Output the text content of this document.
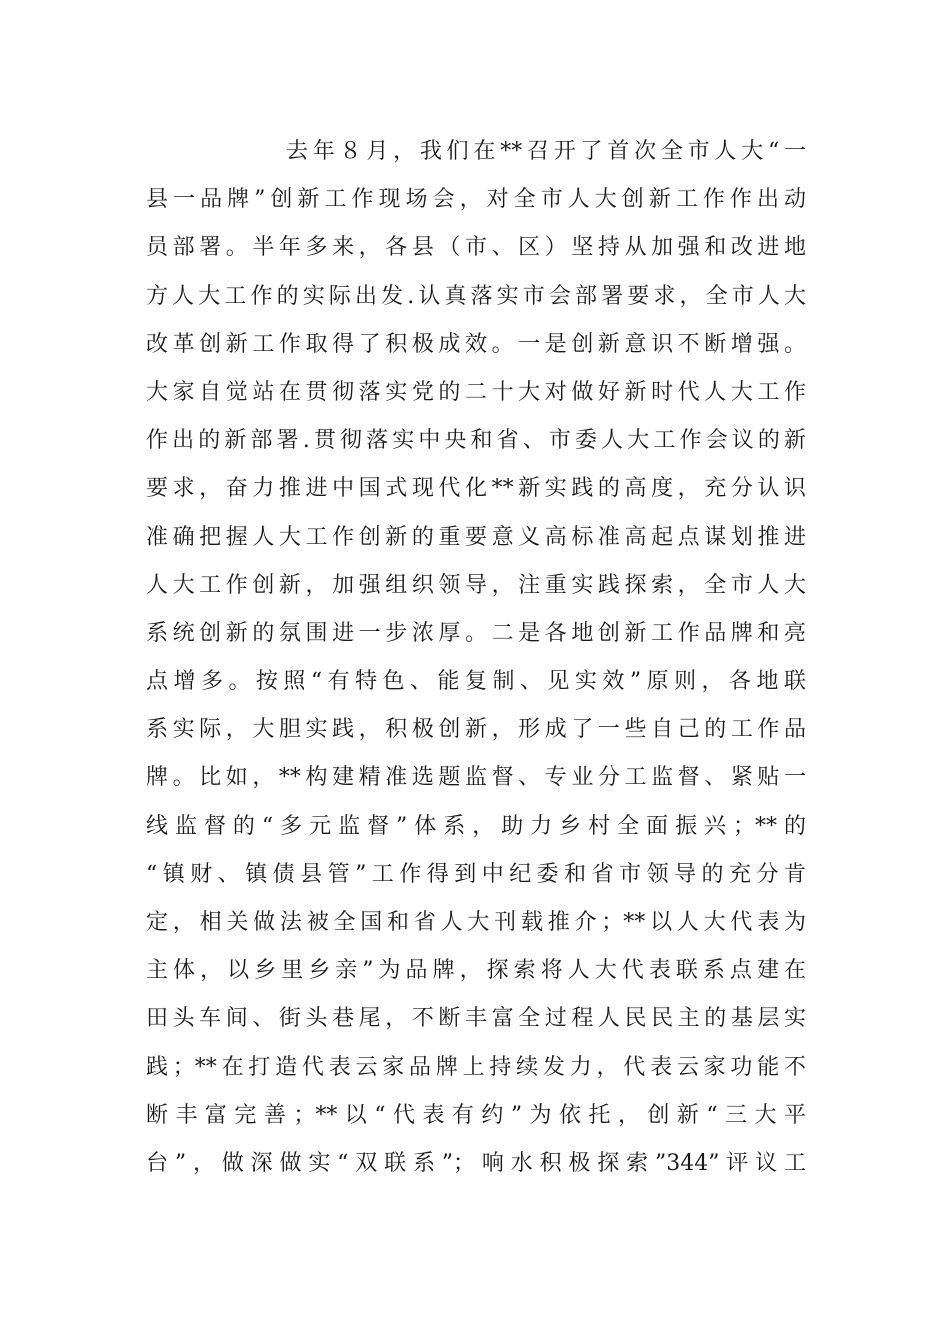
去年８月，我们在**召开了首次全市人大“一
县一品牌”创新工作现场会，对全市人大创新工作作出动
员部署。半年多来，各县（市、区）坚持从加强和改进地
方人大工作的实际出发.认真落实市会部署要求，全市人大
改革创新工作取得了积极成效。一是创新意识不断增强。
大家自觉站在贯彻落实党的二十大对做好新时代人大工作
作出的新部署.贯彻落实中央和省、市委人大工作会议的新
要求，奋力推进中国式现代化**新实践的高度，充分认识
准确把握人大工作创新的重要意义高标准高起点谋划推进
人大工作创新，加强组织领导，注重实践探索，全市人大
系统创新的氛围进一步浓厚。二是各地创新工作品牌和亮
点增多。按照“有特色、能复制、见实效”原则，各地联
系实际，大胆实践，积极创新，形成了一些自己的工作品
牌。比如，**构建精准选题监督、专业分工监督、紧贴一
线监督的“多元监督”体系，助力乡村全面振兴；**的
“镇财、镇债县管”工作得到中纪委和省市领导的充分肯
定，相关做法被全国和省人大刊载推介；**以人大代表为
主体，以乡里乡亲”为品牌，探索将人大代表联系点建在
田头车间、街头巷尾，不断丰富全过程人民民主的基层实
践；**在打造代表云家品牌上持续发力，代表云家功能不
断丰富完善；**以“代表有约”为依托，创新“三大平
台”，做深做实“双联系”；响水积极探索”344”评议工
